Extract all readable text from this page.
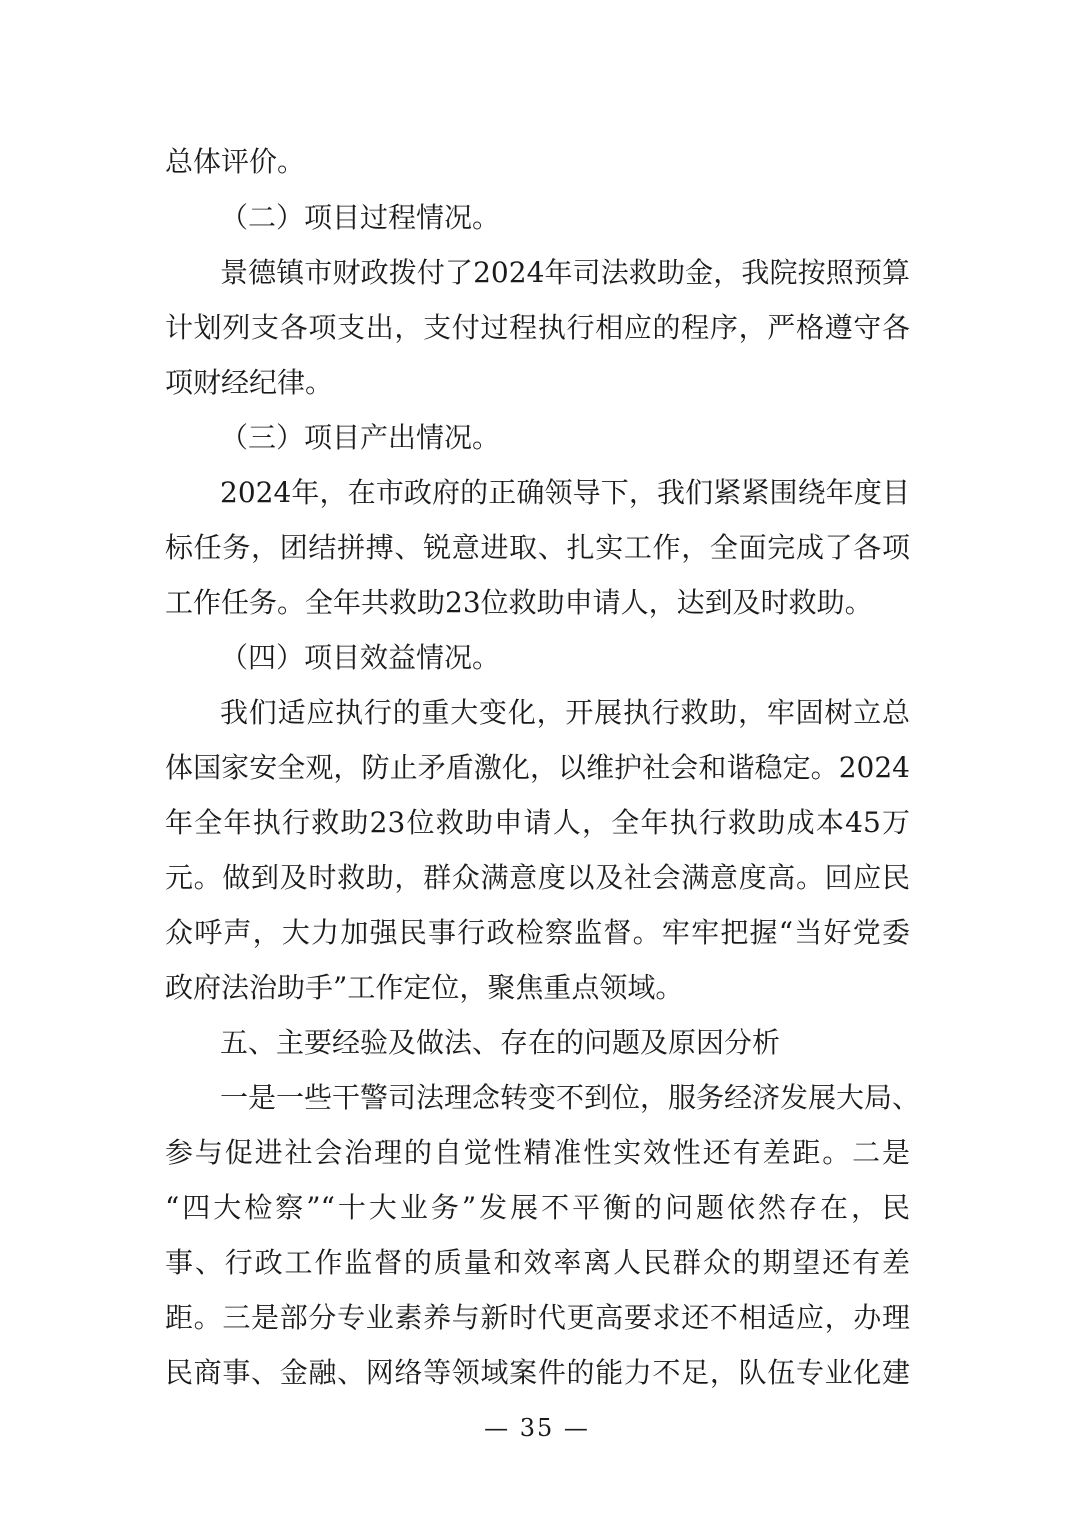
总体评价。
（二）项目过程情况。
景德镇市财政拨付了2024年司法救助金，我院按照预算
计划列支各项支出，支付过程执行相应的程序，严格遵守各
项财经纪律。
（三）项目产出情况。
2024年，在市政府的正确领导下，我们紧紧围绕年度目
标任务，团结拼搏、锐意进取、扎实工作，全面完成了各项
工作任务。全年共救助23位救助申请人，达到及时救助。
（四）项目效益情况。
我们适应执行的重大变化，开展执行救助，牢固树立总
体国家安全观，防止矛盾激化，以维护社会和谐稳定。2024
年全年执行救助23位救助申请人，全年执行救助成本45万
元。做到及时救助，群众满意度以及社会满意度高。回应民
众呼声，大力加强民事行政检察监督。牢牢把握“当好党委
政府法治助手”工作定位，聚焦重点领域。
五、主要经验及做法、存在的问题及原因分析
一是一些干警司法理念转变不到位，服务经济发展大局、
参与促进社会治理的自觉性精准性实效性还有差距。二是
“四大检察”“十大业务”发展不平衡的问题依然存在，民
事、行政工作监督的质量和效率离人民群众的期望还有差
距。三是部分专业素养与新时代更高要求还不相适应，办理
民商事、金融、网络等领域案件的能力不足，队伍专业化建
— 35 —
